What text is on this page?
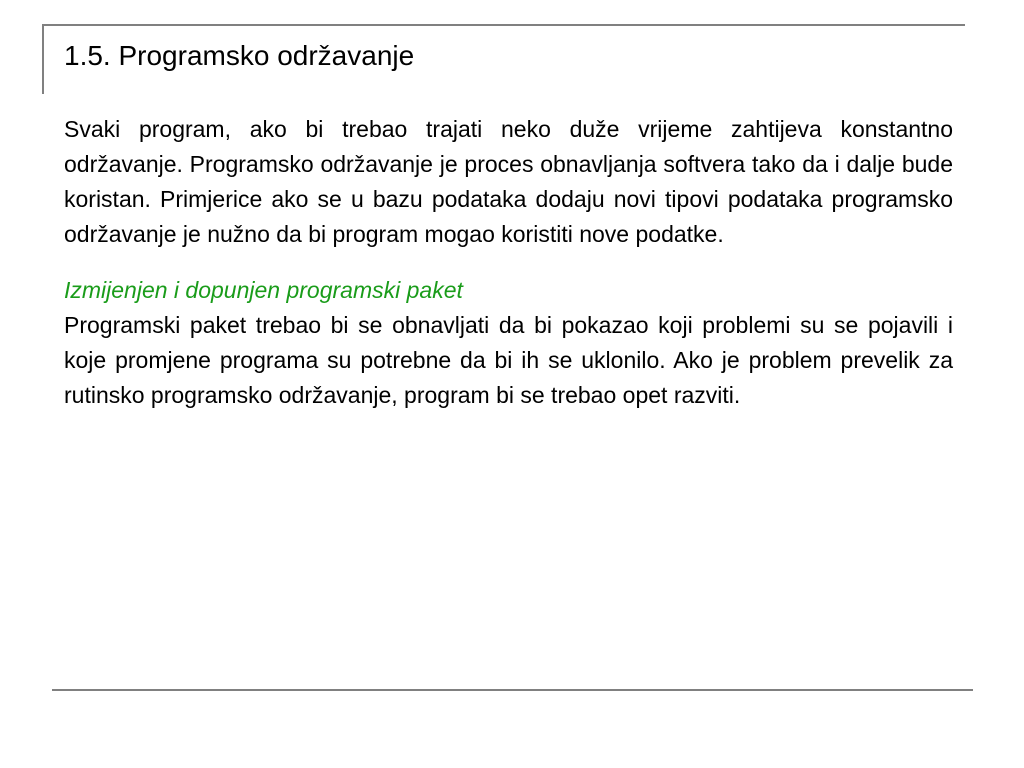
1.5. Programsko održavanje

Svaki program, ako bi trebao trajati neko duže vrijeme zahtijeva konstantno održavanje. Programsko održavanje je proces obnavljanja softvera tako da i dalje bude koristan. Primjerice ako se u bazu podataka dodaju novi tipovi podataka programsko održavanje je nužno da bi program mogao koristiti nove podatke.

Izmijenjen i dopunjen programski paket

Programski paket trebao bi se obnavljati da bi pokazao koji problemi su se pojavili i koje promjene programa su potrebne da bi ih se uklonilo. Ako je problem prevelik za rutinsko programsko održavanje, program bi se trebao opet razviti.
